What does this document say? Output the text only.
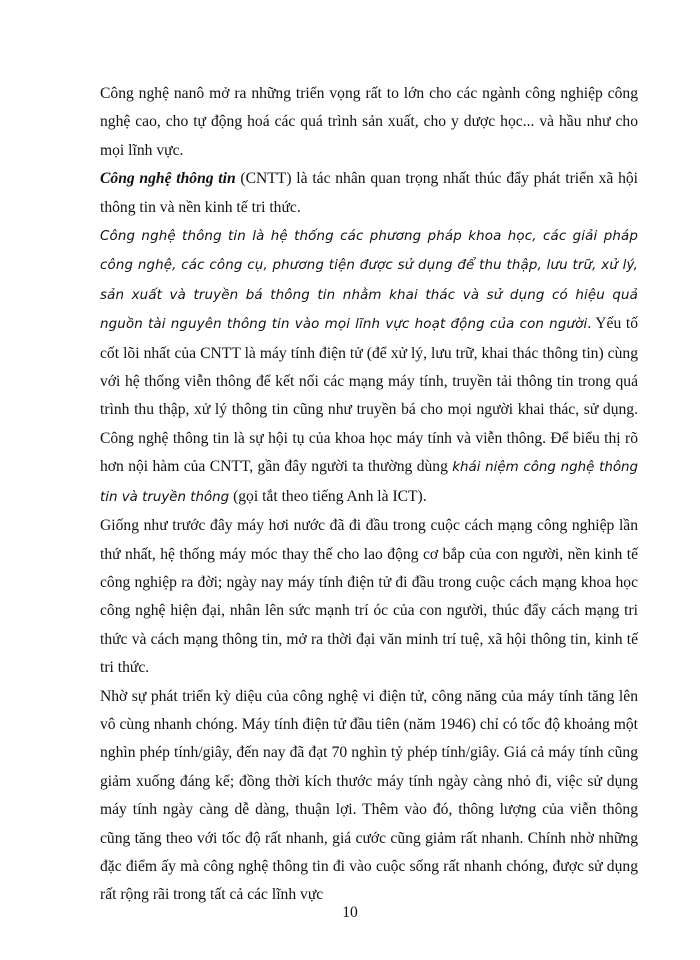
Công nghệ nanô mở ra những triển vọng rất to lớn cho các ngành công nghiệp công nghệ cao, cho tự động hoá các quá trình sản xuất, cho y dược học... và hầu như cho mọi lĩnh vực.

Công nghệ thông tin (CNTT) là tác nhân quan trọng nhất thúc đẩy phát triển xã hội thông tin và nền kinh tế tri thức.

Công nghệ thông tin là hệ thống các phương pháp khoa học, các giải pháp công nghệ, các công cụ, phương tiện được sử dụng để thu thập, lưu trữ, xử lý, sản xuất và truyền bá thông tin nhằm khai thác và sử dụng có hiệu quả nguồn tài nguyên thông tin vào mọi lĩnh vực hoạt động của con người. Yếu tố cốt lõi nhất của CNTT là máy tính điện tử (để xử lý, lưu trữ, khai thác thông tin) cùng với hệ thống viễn thông để kết nối các mạng máy tính, truyền tải thông tin trong quá trình thu thập, xử lý thông tin cũng như truyền bá cho mọi người khai thác, sử dụng. Công nghệ thông tin là sự hội tụ của khoa học máy tính và viễn thông. Để biểu thị rõ hơn nội hàm của CNTT, gần đây người ta thường dùng khái niệm công nghệ thông tin và truyền thông (gọi tắt theo tiếng Anh là ICT).

Giống như trước đây máy hơi nước đã đi đầu trong cuộc cách mạng công nghiệp lần thứ nhất, hệ thống máy móc thay thế cho lao động cơ bắp của con người, nền kinh tế công nghiệp ra đời; ngày nay máy tính điện tử đi đầu trong cuộc cách mạng khoa học công nghệ hiện đại, nhân lên sức mạnh trí óc của con người, thúc đẩy cách mạng tri thức và cách mạng thông tin, mở ra thời đại văn minh trí tuệ, xã hội thông tin, kinh tế tri thức.

Nhờ sự phát triển kỳ diệu của công nghệ vi điện tử, công năng của máy tính tăng lên vô cùng nhanh chóng. Máy tính điện tử đầu tiên (năm 1946) chỉ có tốc độ khoảng một nghìn phép tính/giây, đến nay đã đạt 70 nghìn tỷ phép tính/giây. Giá cả máy tính cũng giảm xuống đáng kể; đồng thời kích thước máy tính ngày càng nhỏ đi, việc sử dụng máy tính ngày càng dễ dàng, thuận lợi. Thêm vào đó, thông lượng của viễn thông cũng tăng theo với tốc độ rất nhanh, giá cước cũng giảm rất nhanh. Chính nhờ những đặc điểm ấy mà công nghệ thông tin đi vào cuộc sống rất nhanh chóng, được sử dụng rất rộng rãi trong tất cả các lĩnh vực

10
